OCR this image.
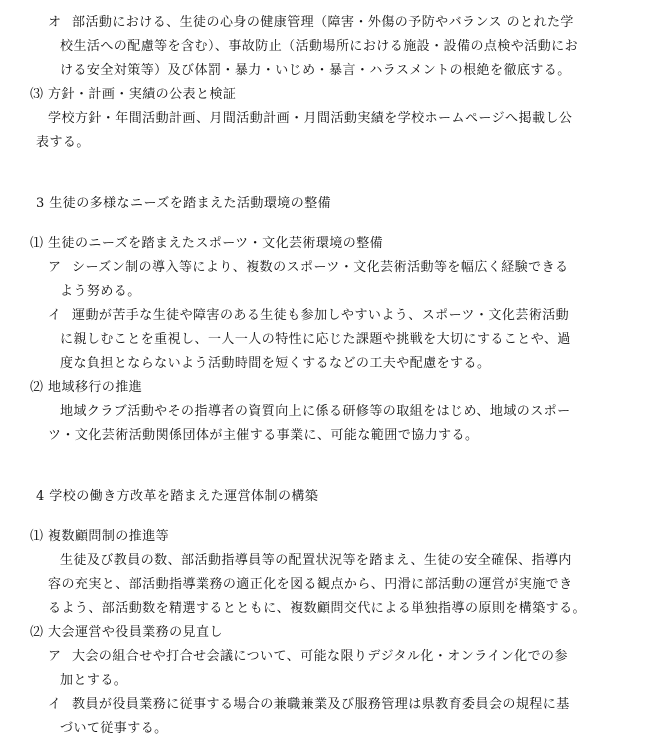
オ 部活動における、生徒の心身の健康管理（障害・外傷の予防やバランス のとれた学
校生活への配慮等を含む）、事故防止（活動場所における施設・設備の点検や活動にお
ける安全対策等）及び体罰・暴力・いじめ・暴言・ハラスメントの根絶を徹底する。
⑶ 方針・計画・実績の公表と検証
学校方針・年間活動計画、月間活動計画・月間活動実績を学校ホームページへ掲載し公
表する。
3 生徒の多様なニーズを踏まえた活動環境の整備
⑴ 生徒のニーズを踏まえたスポーツ・文化芸術環境の整備
ア シーズン制の導入等により、複数のスポーツ・文化芸術活動等を幅広く経験できる
よう努める。
イ 運動が苦手な生徒や障害のある生徒も参加しやすいよう、スポーツ・文化芸術活動
に親しむことを重視し、一人一人の特性に応じた課題や挑戦を大切にすることや、過
度な負担とならないよう活動時間を短くするなどの工夫や配慮をする。
⑵ 地域移行の推進
地域クラブ活動やその指導者の資質向上に係る研修等の取組をはじめ、地域のスポー
ツ・文化芸術活動関係団体が主催する事業に、可能な範囲で協力する。
4 学校の働き方改革を踏まえた運営体制の構築
⑴ 複数顧問制の推進等
生徒及び教員の数、部活動指導員等の配置状況等を踏まえ、生徒の安全確保、指導内
容の充実と、部活動指導業務の適正化を図る観点から、円滑に部活動の運営が実施でき
るよう、部活動数を精選するとともに、複数顧問交代による単独指導の原則を構築する。
⑵ 大会運営や役員業務の見直し
ア 大会の組合せや打合せ会議について、可能な限りデジタル化・オンライン化での参
加とする。
イ 教員が役員業務に従事する場合の兼職兼業及び服務管理は県教育委員会の規程に基
づいて従事する。
